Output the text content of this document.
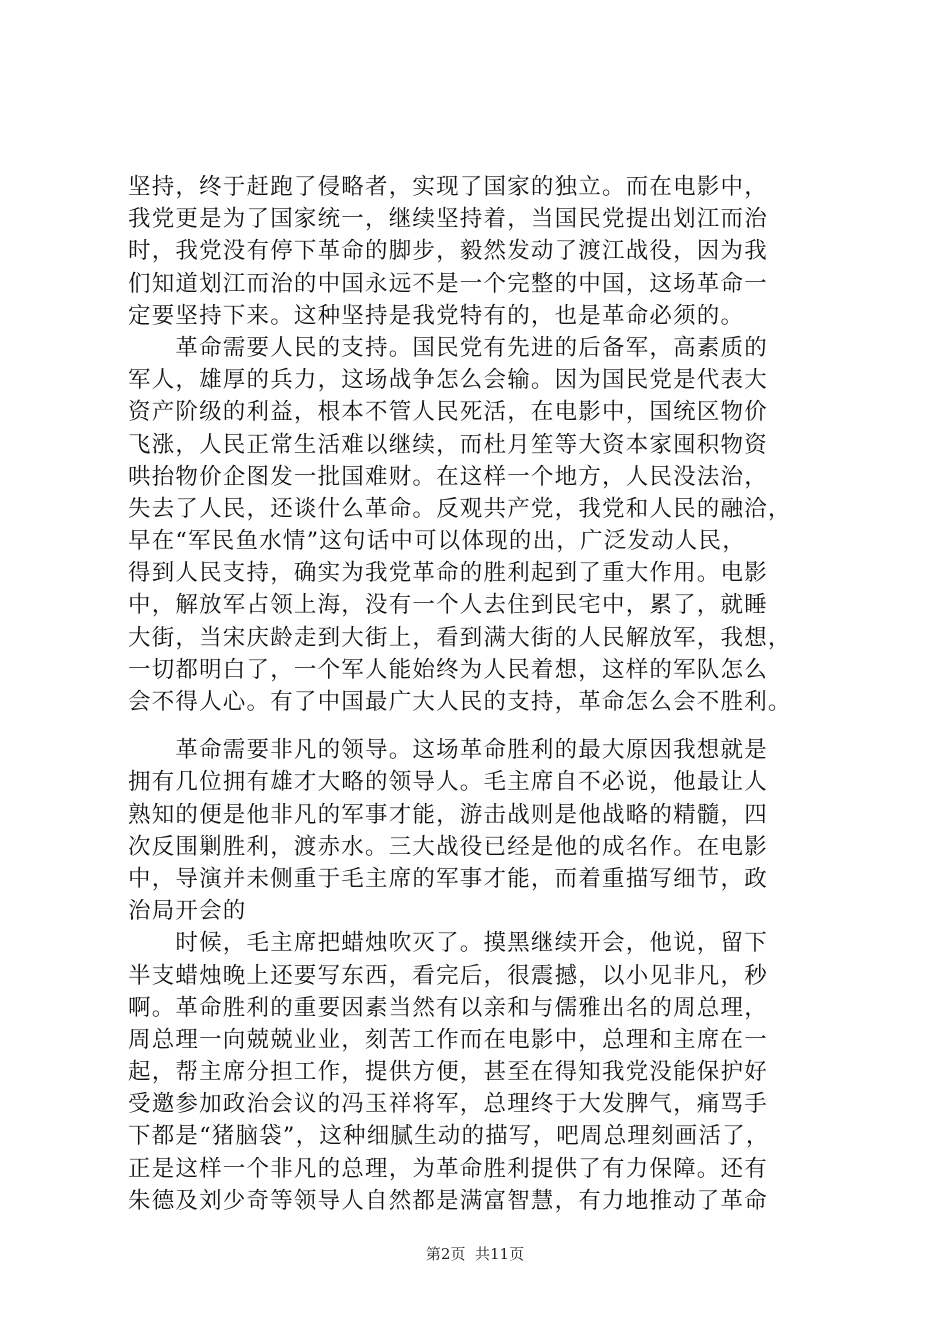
坚持，终于赶跑了侵略者，实现了国家的独立。而在电影中，
我党更是为了国家统一，继续坚持着，当国民党提出划江而治
时，我党没有停下革命的脚步，毅然发动了渡江战役，因为我
们知道划江而治的中国永远不是一个完整的中国，这场革命一
定要坚持下来。这种坚持是我党特有的，也是革命必须的。
　　革命需要人民的支持。国民党有先进的后备军，高素质的
军人，雄厚的兵力，这场战争怎么会输。因为国民党是代表大
资产阶级的利益，根本不管人民死活，在电影中，国统区物价
飞涨，人民正常生活难以继续，而杜月笙等大资本家囤积物资
哄抬物价企图发一批国难财。在这样一个地方，人民没法治，
失去了人民，还谈什么革命。反观共产党，我党和人民的融洽，
早在“军民鱼水情”这句话中可以体现的出，广泛发动人民，
得到人民支持，确实为我党革命的胜利起到了重大作用。电影
中，解放军占领上海，没有一个人去住到民宅中，累了，就睡
大街，当宋庆龄走到大街上，看到满大街的人民解放军，我想，
一切都明白了，一个军人能始终为人民着想，这样的军队怎么
会不得人心。有了中国最广大人民的支持，革命怎么会不胜利。
　　革命需要非凡的领导。这场革命胜利的最大原因我想就是
拥有几位拥有雄才大略的领导人。毛主席自不必说，他最让人
熟知的便是他非凡的军事才能，游击战则是他战略的精髓，四
次反围剿胜利，渡赤水。三大战役已经是他的成名作。在电影
中，导演并未侧重于毛主席的军事才能，而着重描写细节，政
治局开会的
　　时候，毛主席把蜡烛吹灭了。摸黑继续开会，他说，留下
半支蜡烛晚上还要写东西，看完后，很震撼，以小见非凡，秒
啊。革命胜利的重要因素当然有以亲和与儒雅出名的周总理，
周总理一向兢兢业业，刻苦工作而在电影中，总理和主席在一
起，帮主席分担工作，提供方便，甚至在得知我党没能保护好
受邀参加政治会议的冯玉祥将军，总理终于大发脾气，痛骂手
下都是“猪脑袋”，这种细腻生动的描写，吧周总理刻画活了，
正是这样一个非凡的总理，为革命胜利提供了有力保障。还有
朱德及刘少奇等领导人自然都是满富智慧，有力地推动了革命
第2页  共11页
